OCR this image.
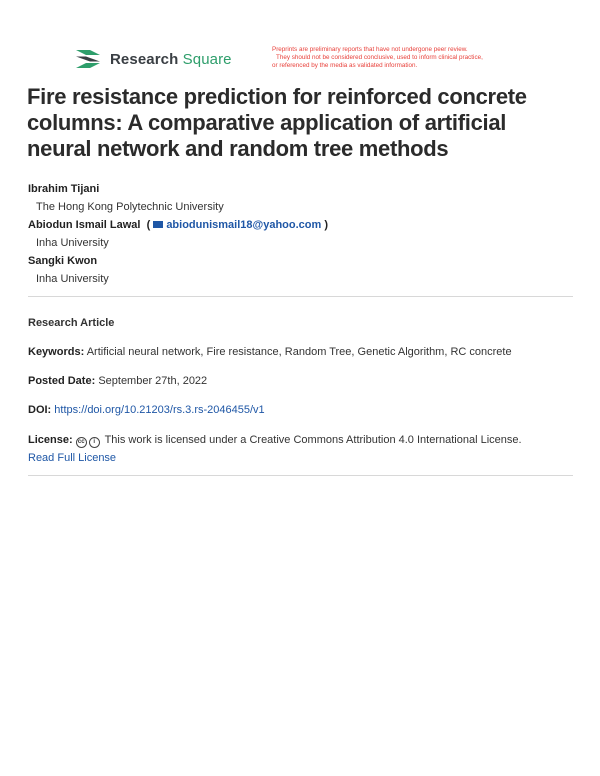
Research Square
Preprints are preliminary reports that have not undergone peer review.
They should not be considered conclusive, used to inform clinical practice,
or referenced by the media as validated information.
Fire resistance prediction for reinforced concrete columns: A comparative application of artificial neural network and random tree methods
Ibrahim Tijani
The Hong Kong Polytechnic University
Abiodun Ismail Lawal  ( abiodunismail18@yahoo.com )
Inha University
Sangki Kwon
Inha University
Research Article
Keywords: Artificial neural network, Fire resistance, Random Tree, Genetic Algorithm, RC concrete
Posted Date: September 27th, 2022
DOI: https://doi.org/10.21203/rs.3.rs-2046455/v1
License: cc i This work is licensed under a Creative Commons Attribution 4.0 International License.
Read Full License
